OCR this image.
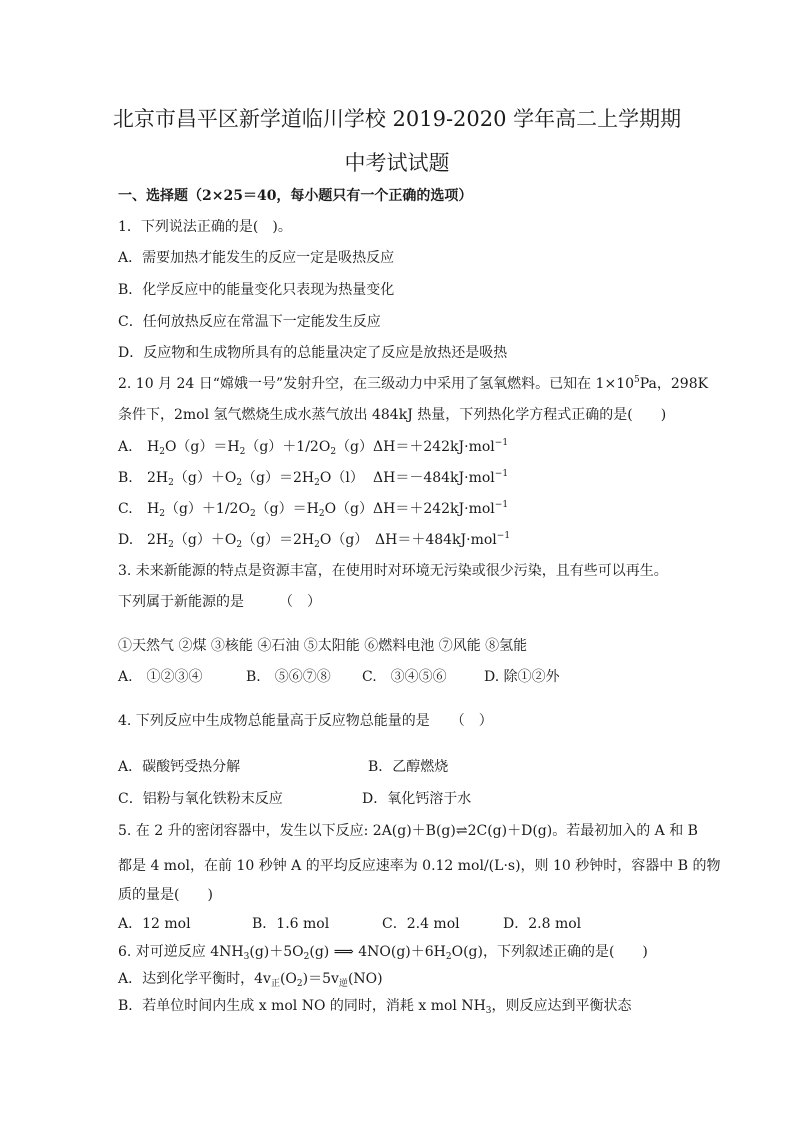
北京市昌平区新学道临川学校 2019-2020 学年高二上学期期
中考试试题
一、选择题（2×25＝40，每小题只有一个正确的选项）
1．下列说法正确的是(　)。
A．需要加热才能发生的反应一定是吸热反应
B．化学反应中的能量变化只表现为热量变化
C．任何放热反应在常温下一定能发生反应
D．反应物和生成物所具有的总能量决定了反应是放热还是吸热
2. 10 月 24 日“嫦娥一号”发射升空，在三级动力中采用了氢氧燃料。已知在 $1\times 10^5Pa$，298K
条件下，2mol 氢气燃烧生成水蒸气放出 484kJ 热量，下列热化学方程式正确的是(　　)
A. $H_2O(g)=H_2(g)+1/2O_2(g)$ ΔH＝＋242kJ·mol$^{-1}$
B. $2H_2(g)+O_2(g)=2H_2O(l)$ ΔH＝－484kJ·mol$^{-1}$
C. $H_2(g)+1/2O_2(g)=H_2O(g)$ ΔH＝＋242kJ·mol$^{-1}$
D. $2H_2(g)+O_2(g)=2H_2O(g)$ ΔH＝＋484kJ·mol$^{-1}$
3. 未来新能源的特点是资源丰富，在使用时对环境无污染或很少污染，且有些可以再生。
下列属于新能源的是　　　（　）
①天然气 ②煤 ③核能 ④石油 ⑤太阳能 ⑥燃料电池 ⑦风能 ⑧氢能
A.　①②③④	B.　⑤⑥⑦⑧ C.　③④⑤⑥	D. 除①②外
4. 下列反应中生成物总能量高于反应物总能量的是　　（　）
A．碳酸钙受热分解	B．乙醇燃烧
C．铝粉与氧化铁粉末反应	D．氧化钙溶于水
5. 在 2 升的密闭容器中，发生以下反应: 2A(g)＋B(g)⇌2C(g)＋D(g)。若最初加入的 A 和 B
都是 4 mol，在前 10 秒钟 A 的平均反应速率为 0.12 mol/(L·s)，则 10 秒钟时，容器中 B 的物
质的量是(　　)
A．12 mol	B．1.6 mol	C．2.4 mol	D．2.8 mol
6. 对可逆反应 $4NH_3(g)+5O_2(g)$ ⟹ $4NO(g)+6H_2O(g)$，下列叙述正确的是(　　)
A．达到化学平衡时，$4v_正(O_2)=5v_逆(NO)$
B．若单位时间内生成 x mol NO 的同时，消耗 x mol $NH_3$，则反应达到平衡状态
